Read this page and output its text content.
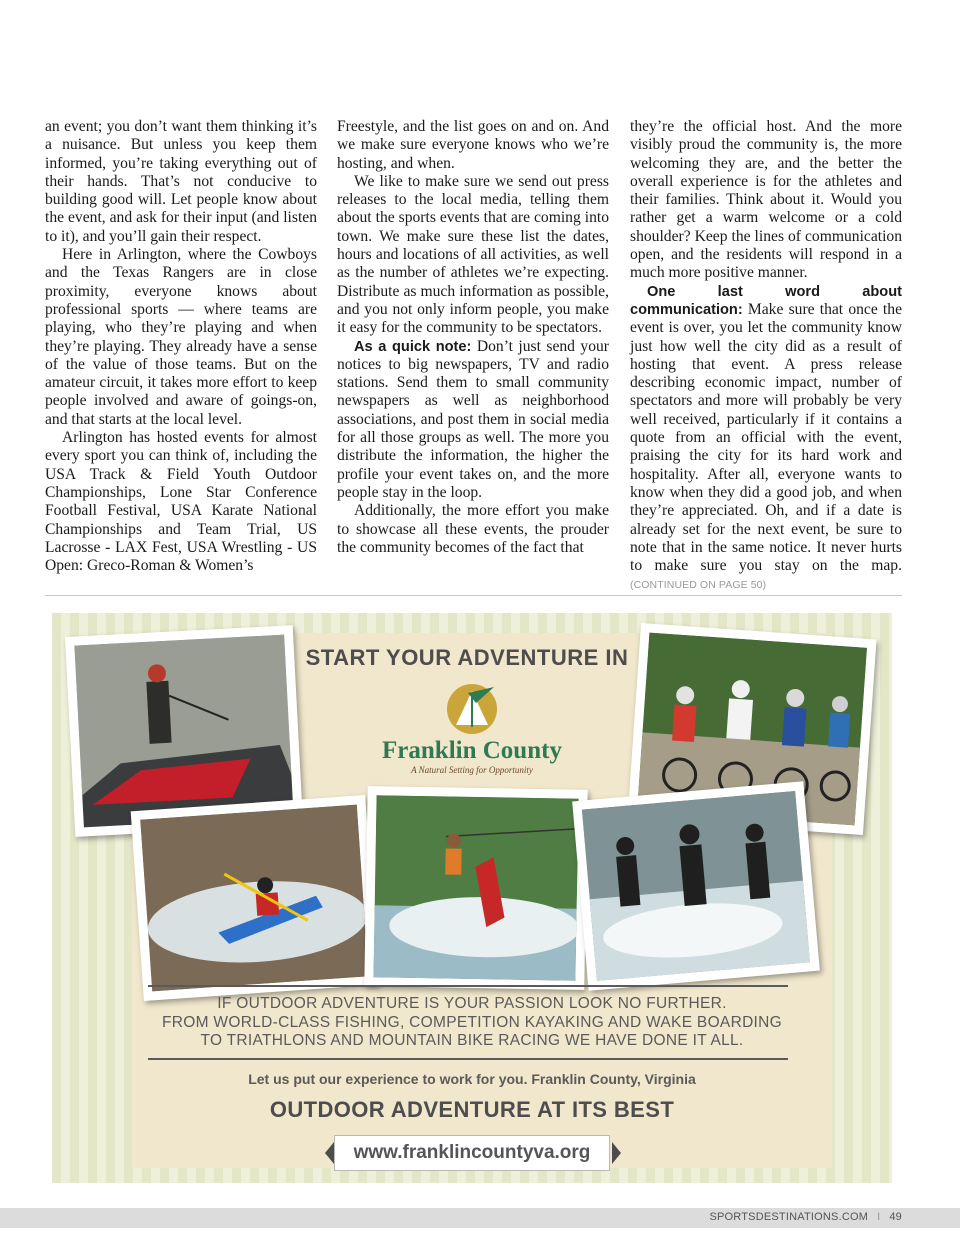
an event; you don’t want them thinking it’s a nuisance. But unless you keep them informed, you’re taking everything out of their hands. That’s not conducive to building good will. Let people know about the event, and ask for their input (and listen to it), and you’ll gain their respect.

Here in Arlington, where the Cowboys and the Texas Rangers are in close proximity, everyone knows about professional sports — where teams are playing, who they’re playing and when they’re playing. They already have a sense of the value of those teams. But on the amateur circuit, it takes more effort to keep people involved and aware of goings-on, and that starts at the local level.

Arlington has hosted events for almost every sport you can think of, including the USA Track & Field Youth Outdoor Championships, Lone Star Conference Football Festival, USA Karate National Championships and Team Trial, US Lacrosse - LAX Fest, USA Wrestling - US Open: Greco-Roman & Women’s

Freestyle, and the list goes on and on. And we make sure everyone knows who we’re hosting, and when.

We like to make sure we send out press releases to the local media, telling them about the sports events that are coming into town. We make sure these list the dates, hours and locations of all activities, as well as the number of athletes we’re expecting. Distribute as much information as possible, and you not only inform people, you make it easy for the community to be spectators.

As a quick note: Don’t just send your notices to big newspapers, TV and radio stations. Send them to small community newspapers as well as neighborhood associations, and post them in social media for all those groups as well. The more you distribute the information, the higher the profile your event takes on, and the more people stay in the loop.

Additionally, the more effort you make to showcase all these events, the prouder the community becomes of the fact that

they’re the official host. And the more visibly proud the community is, the more welcoming they are, and the better the overall experience is for the athletes and their families. Think about it. Would you rather get a warm welcome or a cold shoulder? Keep the lines of communication open, and the residents will respond in a much more positive manner.

One last word about communication: Make sure that once the event is over, you let the community know just how well the city did as a result of hosting that event. A press release describing economic impact, number of spectators and more will probably be very well received, particularly if it contains a quote from an official with the event, praising the city for its hard work and hospitality. After all, everyone wants to know when they did a good job, and when they’re appreciated. Oh, and if a date is already set for the next event, be sure to note that in the same notice. It never hurts to make sure you stay on the map. (CONTINUED ON PAGE 50)

START YOUR ADVENTURE IN
Franklin County
A Natural Setting for Opportunity
IF OUTDOOR ADVENTURE IS YOUR PASSION LOOK NO FURTHER.
FROM WORLD-CLASS FISHING, COMPETITION KAYAKING AND WAKE BOARDING
TO TRIATHLONS AND MOUNTAIN BIKE RACING WE HAVE DONE IT ALL.
Let us put our experience to work for you. Franklin County, Virginia
OUTDOOR ADVENTURE AT ITS BEST
www.franklincountyva.org
SPORTSDESTINATIONS.COM I 49
